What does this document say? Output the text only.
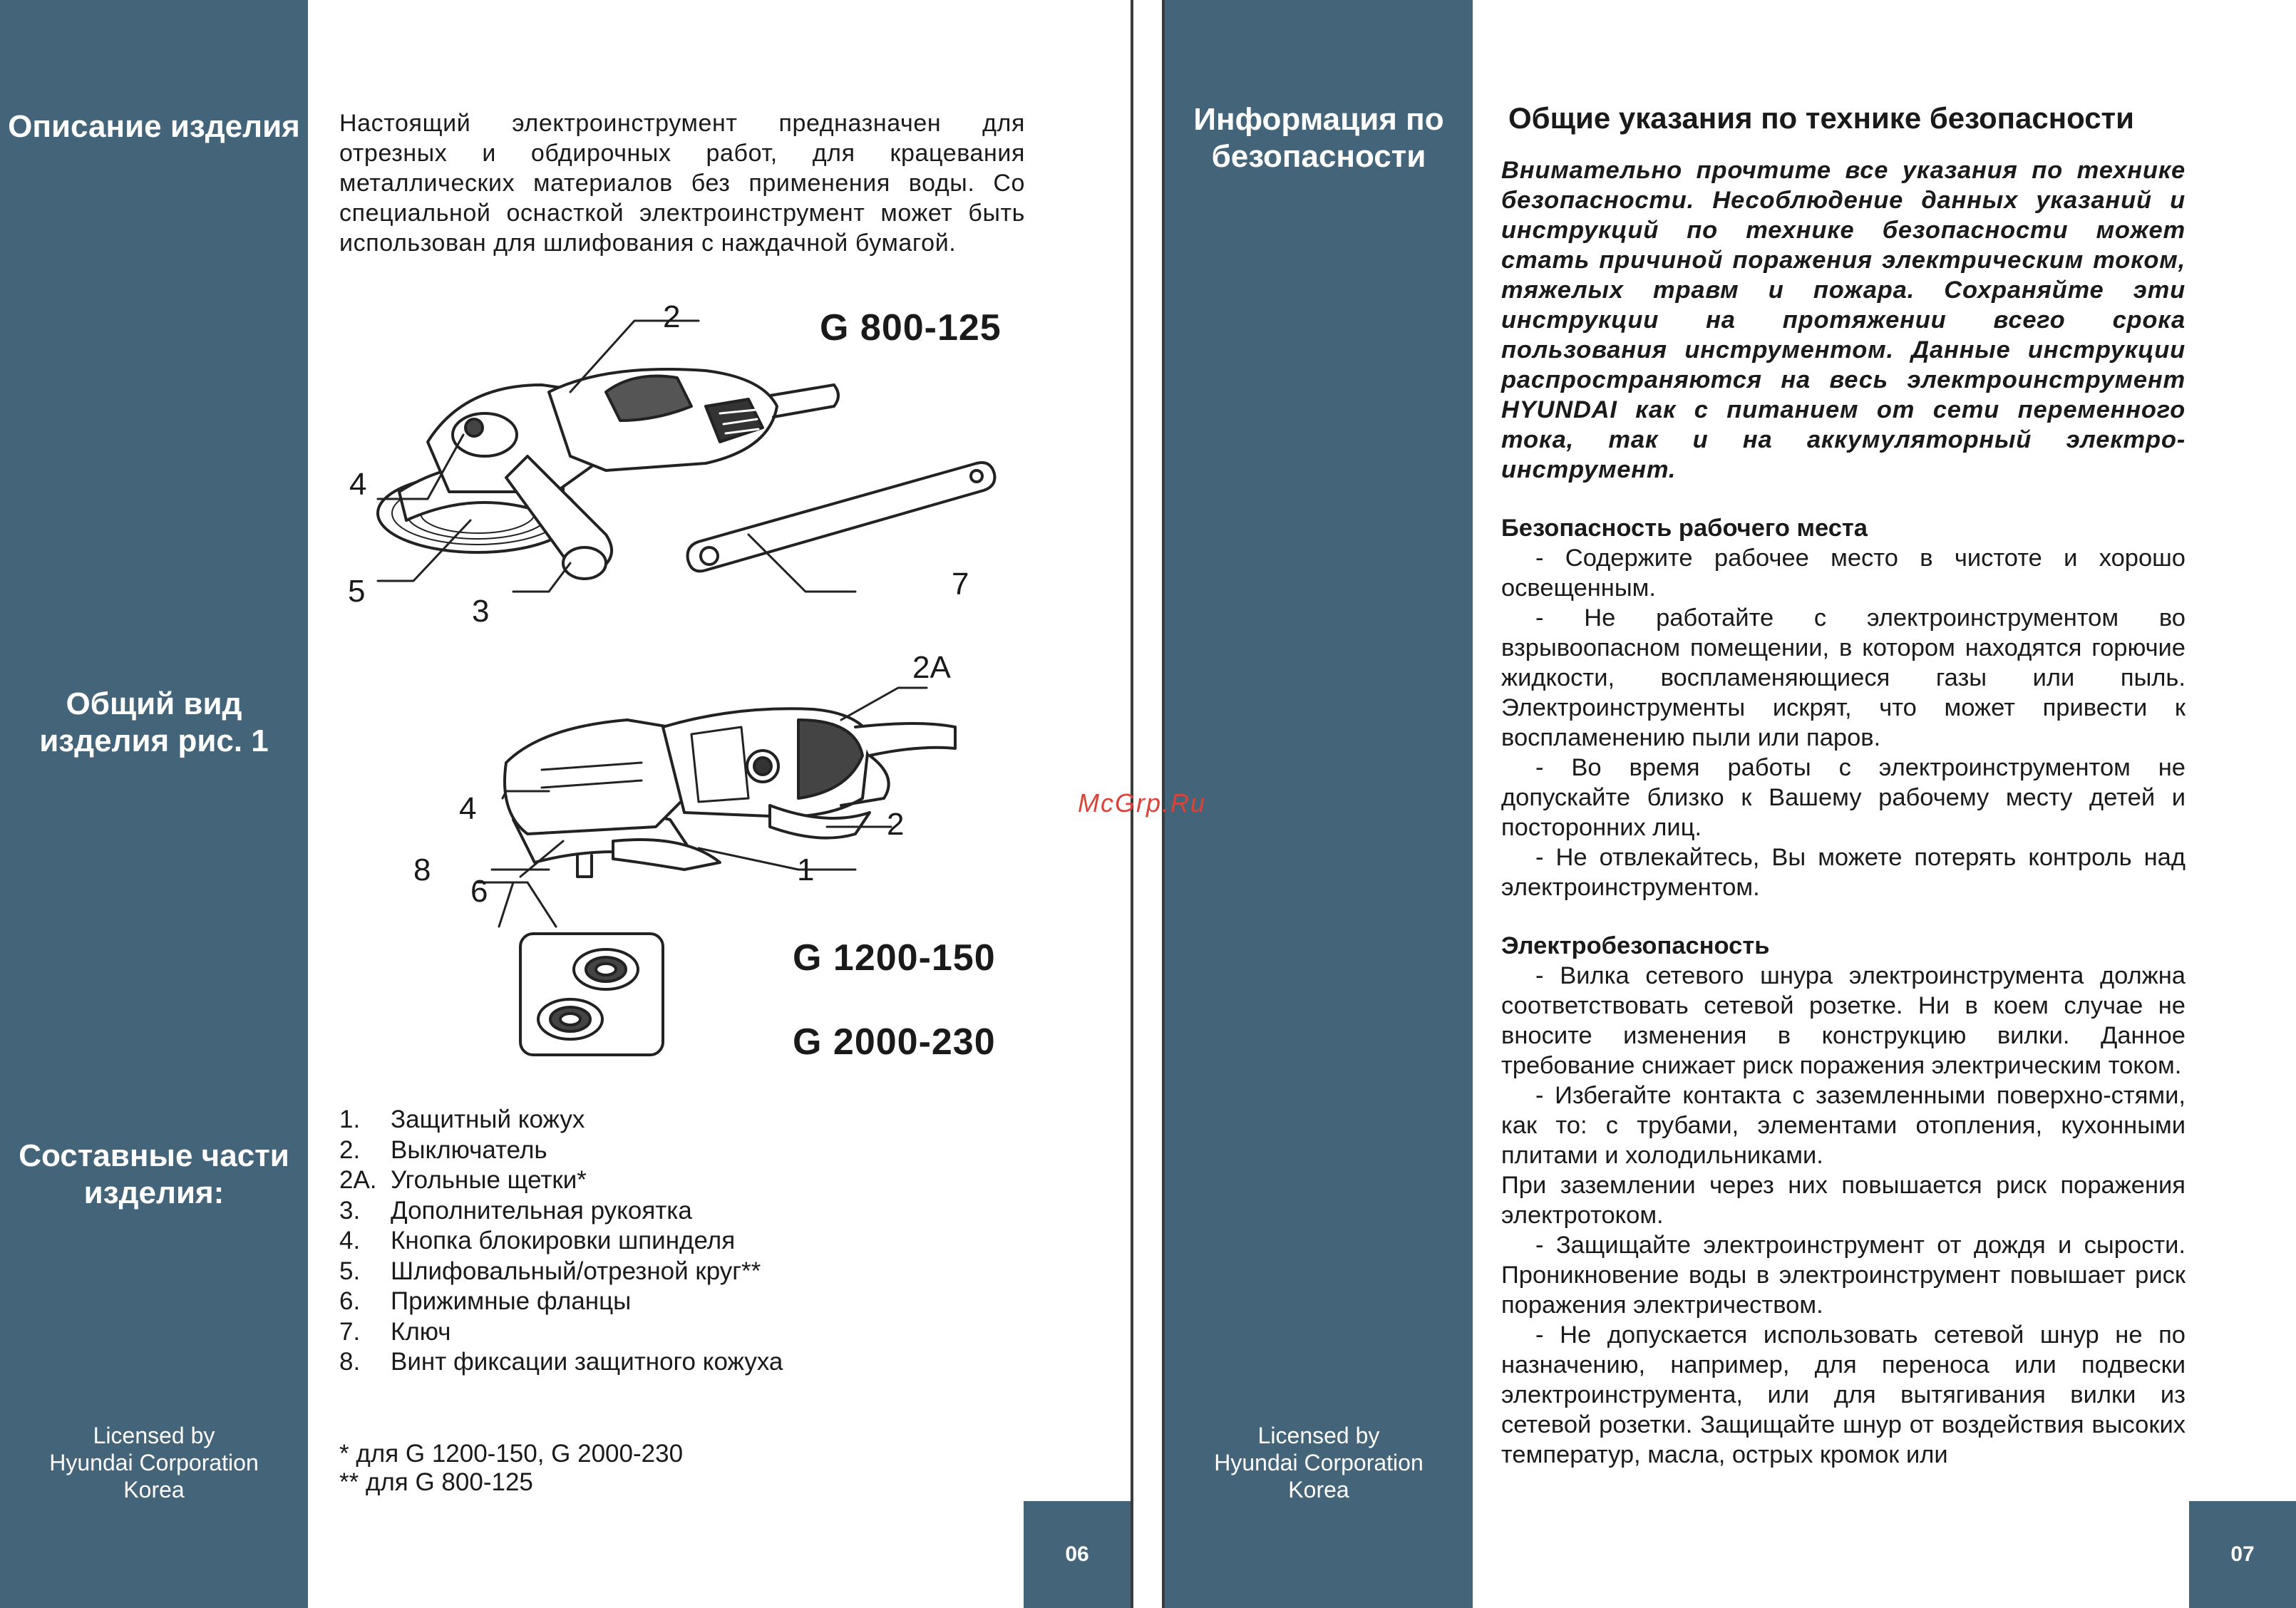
Описание изделия
Общий вид изделия рис. 1
Составные части изделия:
Licensed by
Hyundai Corporation
Korea
Настоящий электроинструмент предназначен для отрезных и обдирочных работ, для крацевания металлических материалов без применения воды. Со специальной оснасткой электроинструмент может быть использован для шлифования с наждачной бумагой.
G 800-125
2
4
5
3
7
2A
4	2
8
6
1
G 1200-150
G 2000-230
1.	Защитный кожух
2.	Выключатель
2A. Угольные щетки*
3.	Дополнительная рукоятка
4.	Кнопка блокировки шпинделя
5.	Шлифовальный/отрезной круг**
6.	Прижимные фланцы
7.	Ключ
8.	Винт фиксации защитного кожуха
* для G 1200-150, G 2000-230
** для G 800-125
06
Информация по безопасности
Licensed by
Hyundai Corporation
Korea
07
Общие указания по технике безопасности

Внимательно прочтите все указания по технике безопасности. Несоблюдение данных указаний и инструкций по технике безопасности может стать причиной поражения электрическим током, тяжелых травм и пожара. Сохраняйте эти инструкции на протяжении всего срока пользования инструментом. Данные инструкции распространяются на весь электроинструмент HYUNDAI как с питанием от сети переменного тока, так и на аккумуляторный электро-инструмент.

Безопасность рабочего места

- Содержите рабочее место в чистоте и хорошо освещенным.

- Не работайте с электроинструментом во взрывоопасном помещении, в котором находятся горючие жидкости, воспламеняющиеся газы или пыль. Электроинструменты искрят, что может привести к воспламенению пыли или паров.

- Во время работы с электроинструментом не допускайте близко к Вашему рабочему месту детей и посторонних лиц.

- Не отвлекайтесь, Вы можете потерять контроль над электроинструментом.

Электробезопасность

- Вилка сетевого шнура электроинструмента должна соответствовать сетевой розетке. Ни в коем случае не вносите изменения в конструкцию вилки. Данное требование снижает риск поражения электрическим током.

- Избегайте контакта с заземленными поверхно-стями, как то: с трубами, элементами отопления, кухонными плитами и холодильниками.

При заземлении через них повышается риск поражения электротоком.

- Защищайте электроинструмент от дождя и сырости. Проникновение воды в электроинструмент повышает риск поражения электричеством.

- Не допускается использовать сетевой шнур не по назначению, например, для переноса или подвески электроинструмента, или для вытягивания вилки из сетевой розетки. Защищайте шнур от воздействия высоких температур, масла, острых кромок или

McGrp.Ru
